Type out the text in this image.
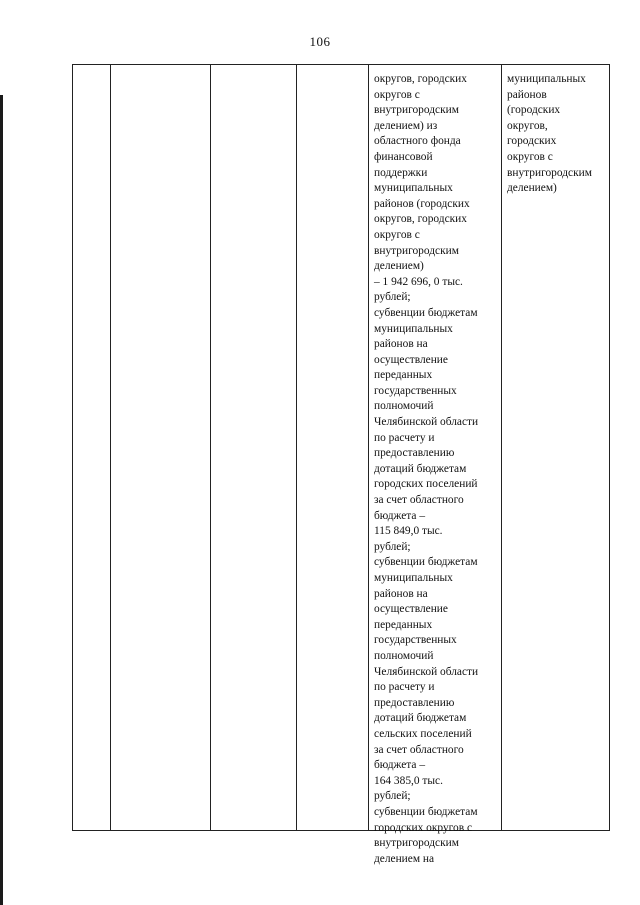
106
округов, городских
округов с
внутригородским
делением) из
областного фонда
финансовой
поддержки
муниципальных
районов (городских
округов, городских
округов с
внутригородским
делением)
– 1 942 696, 0 тыс.
рублей;
субвенции бюджетам
муниципальных
районов на
осуществление
переданных
государственных
полномочий
Челябинской области
по расчету и
предоставлению
дотаций бюджетам
городских поселений
за счет областного
бюджета –
115 849,0 тыс.
рублей;
субвенции бюджетам
муниципальных
районов на
осуществление
переданных
государственных
полномочий
Челябинской области
по расчету и
предоставлению
дотаций бюджетам
сельских поселений
за счет областного
бюджета –
164 385,0 тыс.
рублей;
субвенции бюджетам
городских округов с
внутригородским
делением на
муниципальных
районов
(городских
округов,
городских
округов с
внутригородским
делением)
